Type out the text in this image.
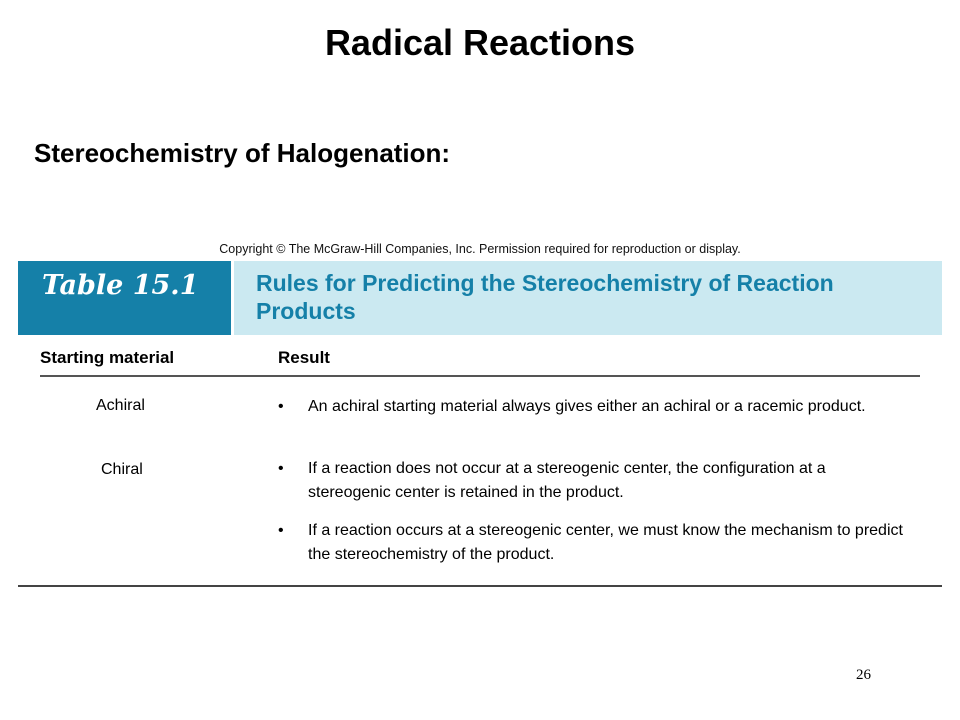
Radical Reactions
Stereochemistry of Halogenation:
Copyright © The McGraw-Hill Companies, Inc. Permission required for reproduction or display.
Table 15.1	Rules for Predicting the Stereochemistry of Reaction Products
Starting material	Result
Achiral	• An achiral starting material always gives either an achiral or a racemic product.
Chiral	• If a reaction does not occur at a stereogenic center, the configuration at a stereogenic center is retained in the product.
• If a reaction occurs at a stereogenic center, we must know the mechanism to predict the stereochemistry of the product.
26
